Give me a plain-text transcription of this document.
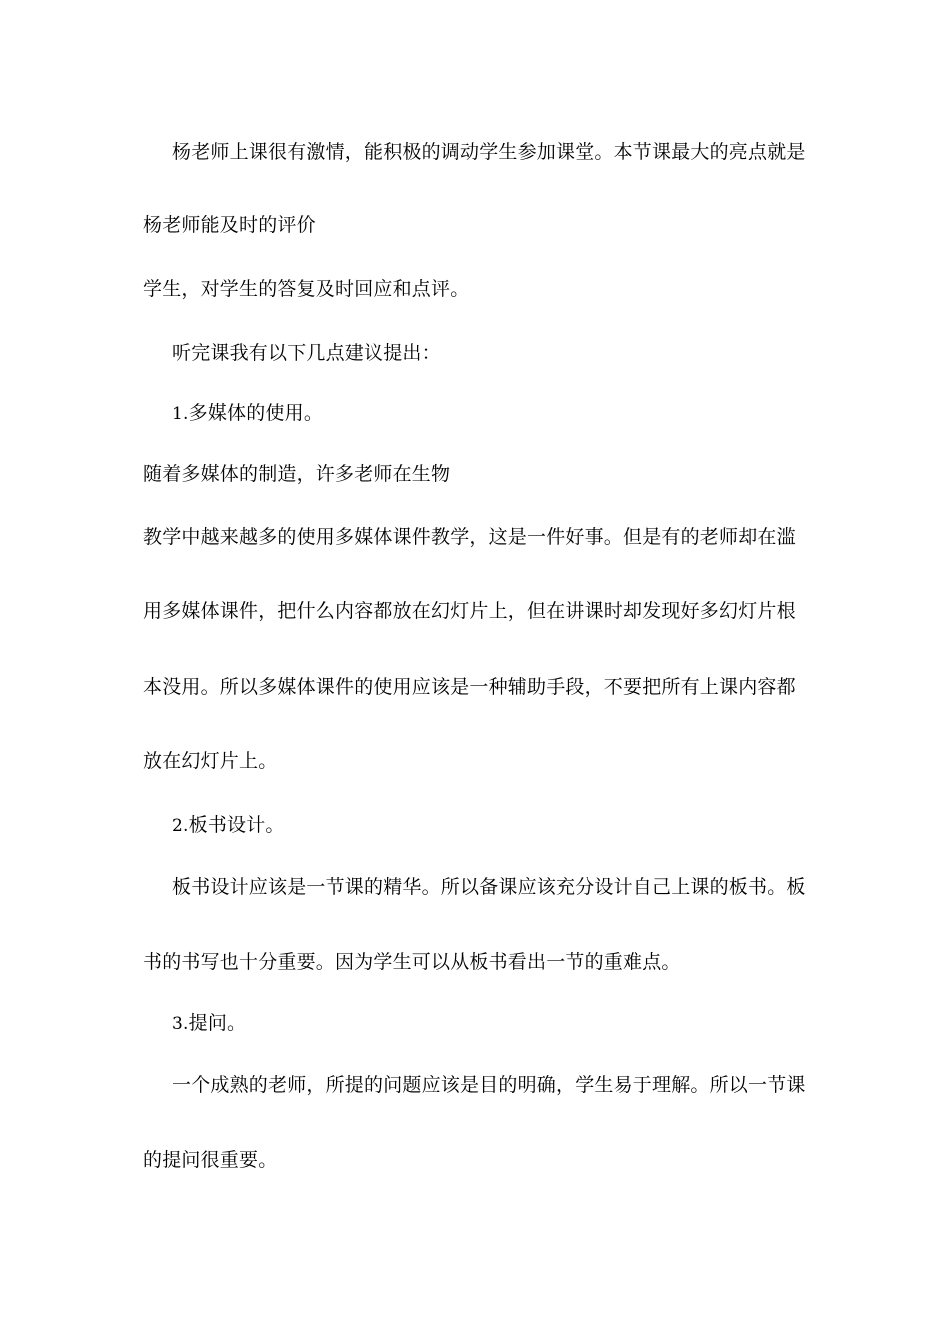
杨老师上课很有激情，能积极的调动学生参加课堂。本节课最大的亮点就是
杨老师能及时的评价
学生，对学生的答复及时回应和点评。
听完课我有以下几点建议提出：
1.多媒体的使用。
随着多媒体的制造，许多老师在生物
教学中越来越多的使用多媒体课件教学，这是一件好事。但是有的老师却在滥
用多媒体课件，把什么内容都放在幻灯片上，但在讲课时却发现好多幻灯片根
本没用。所以多媒体课件的使用应该是一种辅助手段，不要把所有上课内容都
放在幻灯片上。
2.板书设计。
板书设计应该是一节课的精华。所以备课应该充分设计自己上课的板书。板
书的书写也十分重要。因为学生可以从板书看出一节的重难点。
3.提问。
一个成熟的老师，所提的问题应该是目的明确，学生易于理解。所以一节课
的提问很重要。
